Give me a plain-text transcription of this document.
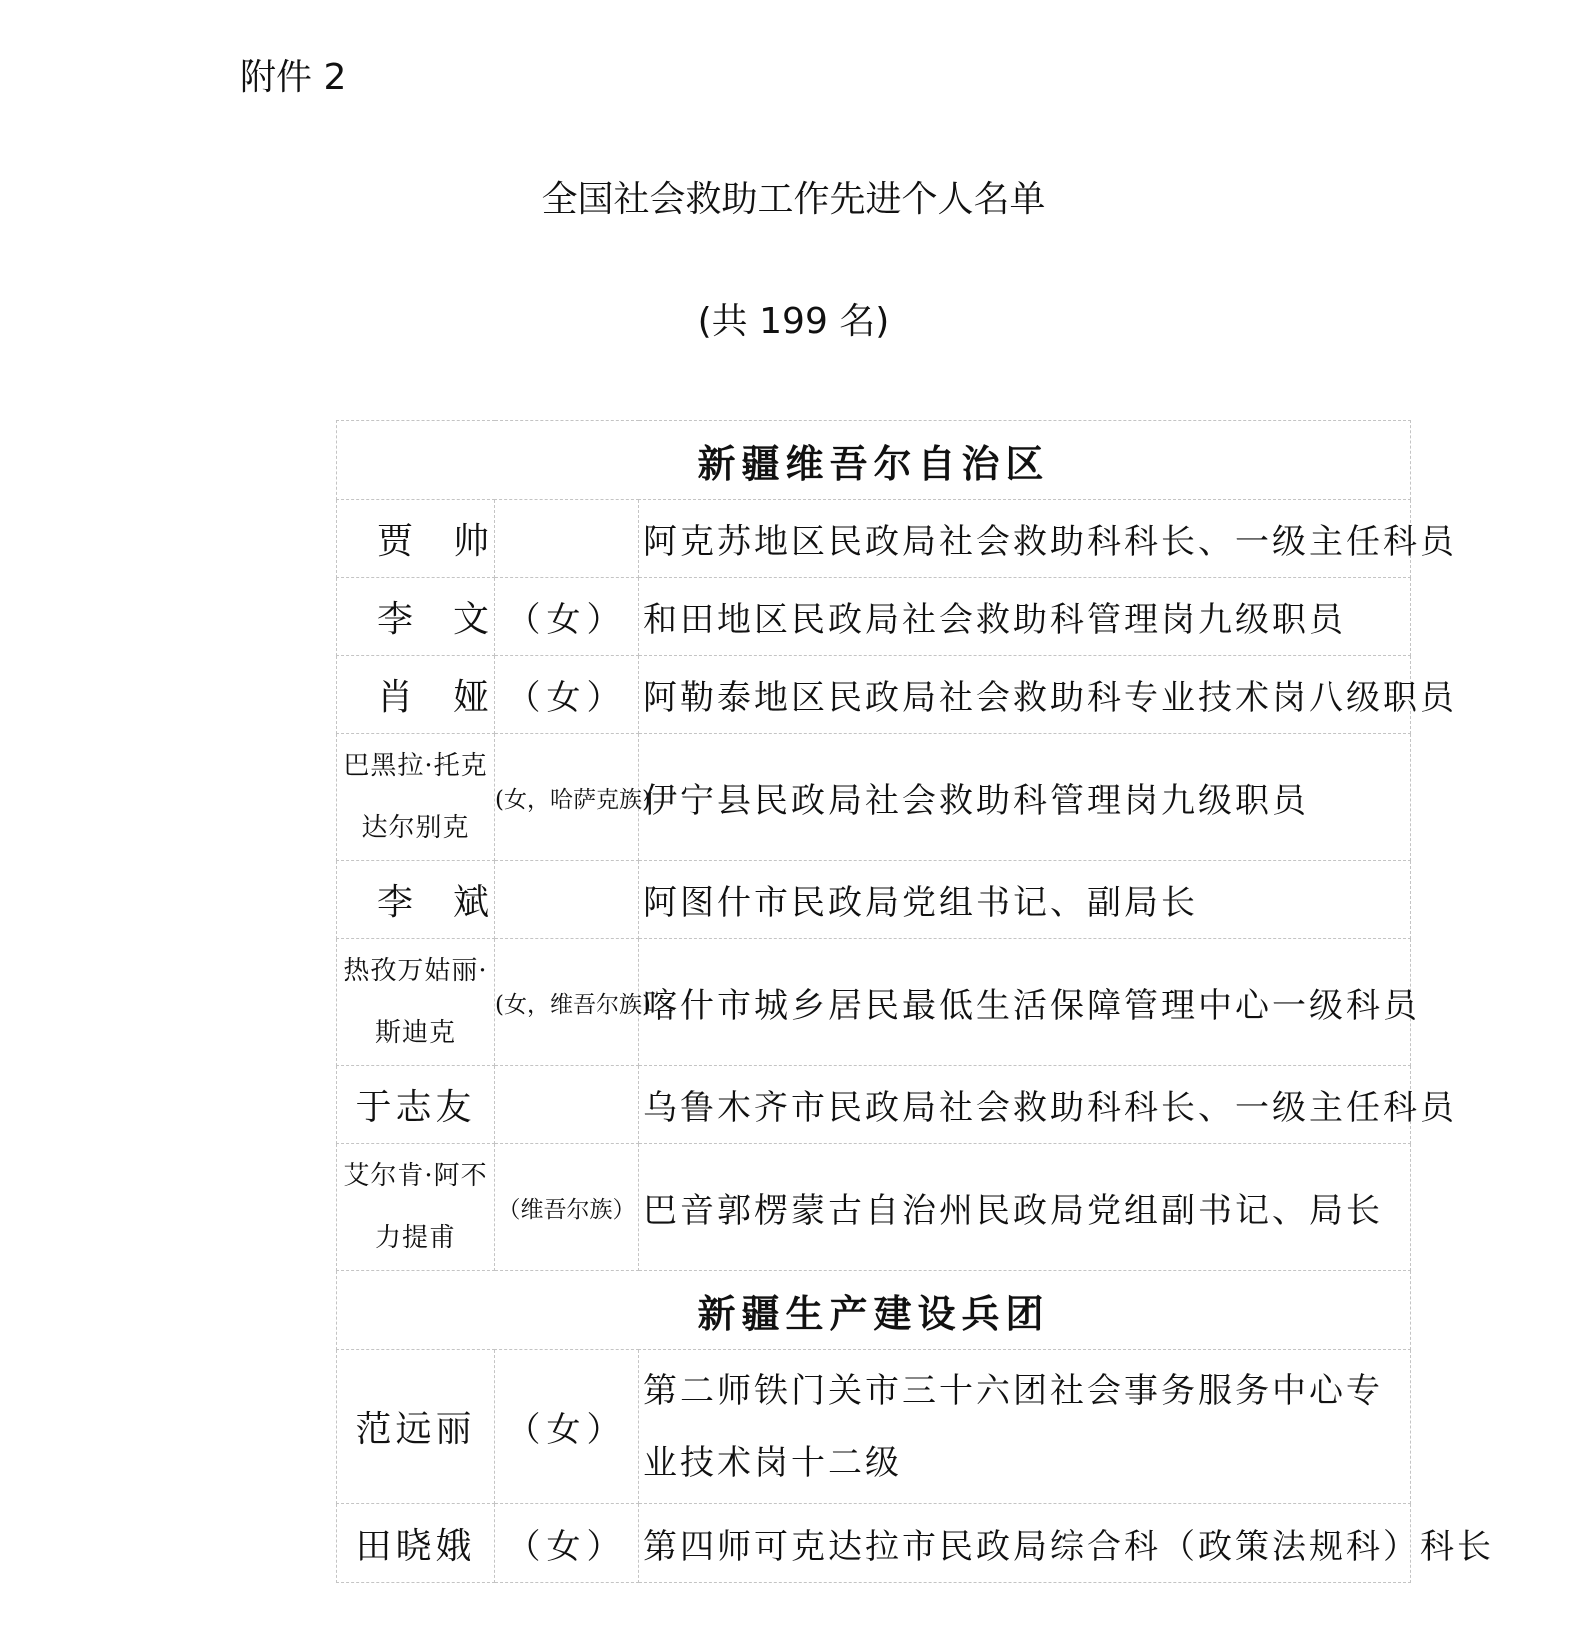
附件 2
全国社会救助工作先进个人名单
(共 199 名)
新疆维吾尔自治区		
贾帅		阿克苏地区民政局社会救助科科长、一级主任科员
李文	（女）	和田地区民政局社会救助科管理岗九级职员
肖娅	（女）	阿勒泰地区民政局社会救助科专业技术岗八级职员
巴黑拉·托克达尔别克	(女，哈萨克族)	伊宁县民政局社会救助科管理岗九级职员
李斌		阿图什市民政局党组书记、副局长
热孜万姑丽·斯迪克	(女，维吾尔族)	喀什市城乡居民最低生活保障管理中心一级科员
于志友		乌鲁木齐市民政局社会救助科科长、一级主任科员
艾尔肯·阿不力提甫	（维吾尔族）	巴音郭楞蒙古自治州民政局党组副书记、局长
新疆生产建设兵团		
范远丽	（女）	第二师铁门关市三十六团社会事务服务中心专业技术岗十二级
田晓娥	（女）	第四师可克达拉市民政局综合科（政策法规科）科长
